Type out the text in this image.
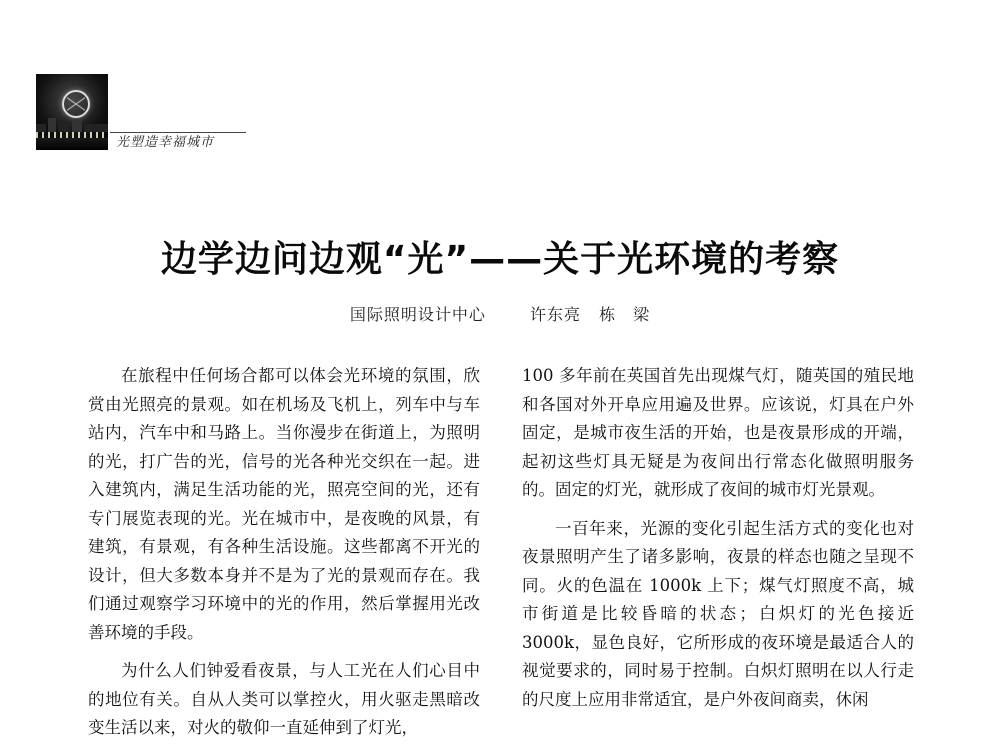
光塑造幸福城市
边学边问边观“光”——关于光环境的考察
国际照明设计中心	许东亮 栋　梁

在旅程中任何场合都可以体会光环境的氛围，欣赏由光照亮的景观。如在机场及飞机上，列车中与车站内，汽车中和马路上。当你漫步在街道上，为照明的光，打广告的光，信号的光各种光交织在一起。进入建筑内，满足生活功能的光，照亮空间的光，还有专门展览表现的光。光在城市中，是夜晚的风景，有建筑，有景观，有各种生活设施。这些都离不开光的设计，但大多数本身并不是为了光的景观而存在。我们通过观察学习环境中的光的作用，然后掌握用光改善环境的手段。

为什么人们钟爱看夜景，与人工光在人们心目中的地位有关。自从人类可以掌控火，用火驱走黑暗改变生活以来，对火的敬仰一直延伸到了灯光，

100 多年前在英国首先出现煤气灯，随英国的殖民地和各国对外开阜应用遍及世界。应该说，灯具在户外固定，是城市夜生活的开始，也是夜景形成的开端，起初这些灯具无疑是为夜间出行常态化做照明服务的。固定的灯光，就形成了夜间的城市灯光景观。

一百年来，光源的变化引起生活方式的变化也对夜景照明产生了诸多影响，夜景的样态也随之呈现不同。火的色温在 1000k 上下；煤气灯照度不高，城市街道是比较昏暗的状态；白炽灯的光色接近 3000k，显色良好，它所形成的夜环境是最适合人的视觉要求的，同时易于控制。白炽灯照明在以人行走的尺度上应用非常适宜，是户外夜间商卖，休闲
